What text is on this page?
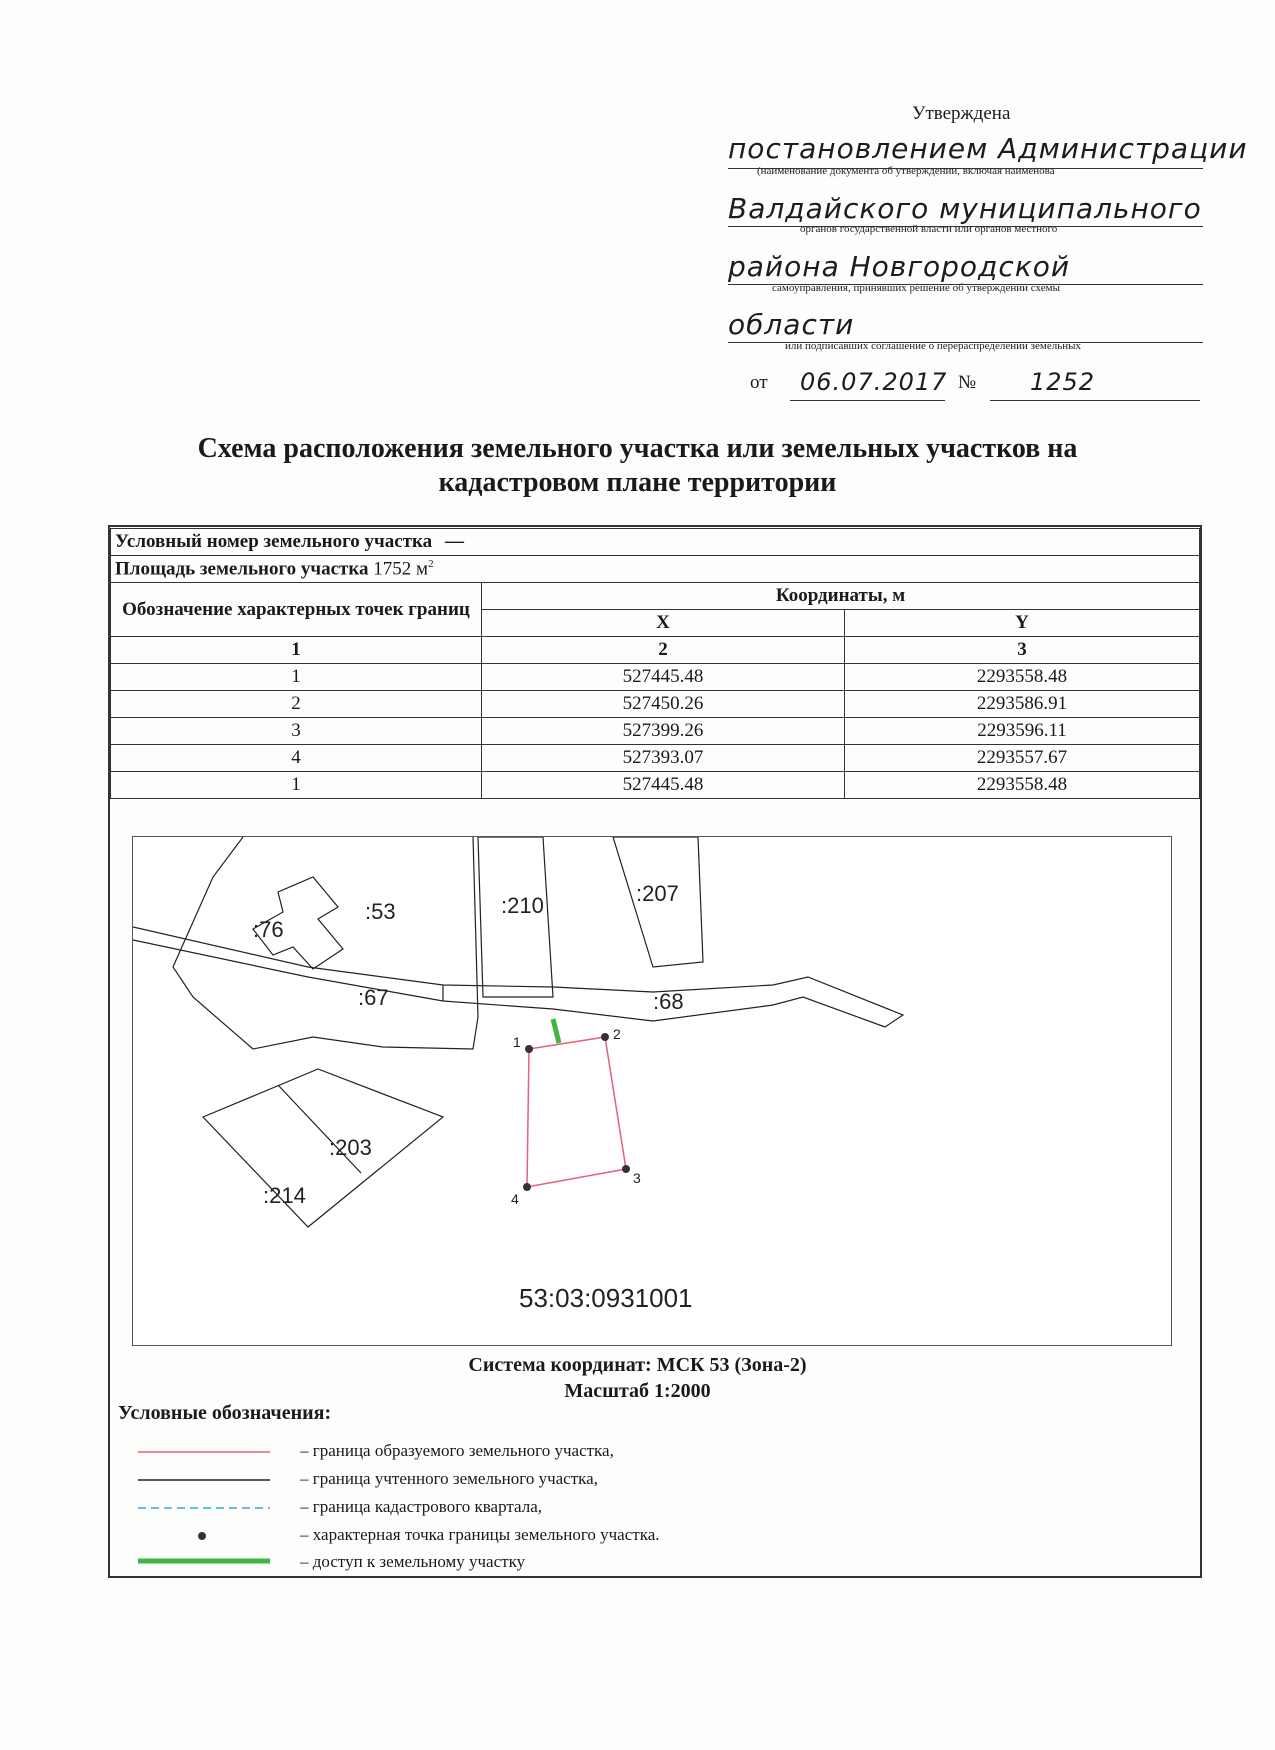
Утверждена
постановлением Администрации
(наименование документа об утверждении, включая наименова
Валдайского муниципального
органов государственной власти или органов местного
района Новгородской
самоуправления, принявших решение об утверждении схемы
области
или подписавших соглашение о перераспределении земельных
от 06.07.2017 № 1252
Схема расположения земельного участка или земельных участков на
кадастровом плане территории
Условный номер земельного участка —		
Площадь земельного участка 1752 $м^2$
Обозначение характерных точек границ	Координаты, м	
	X	Y
1	2	3
1	527445.48	2293558.48
2	527450.26	2293586.91
3	527399.26	2293596.11
4	527393.07	2293557.67
1	527445.48	2293558.48
:76
:53	:210	:207
:67	:68
:203
:214
53:03:0931001
1	2
3
4
Система координат: МСК 53 (Зона-2)
Масштаб 1:2000
Условные обозначения:
– граница образуемого земельного участка,
– граница учтенного земельного участка,
– граница кадастрового квартала,
– характерная точка границы земельного участка.
– доступ к земельному участку
